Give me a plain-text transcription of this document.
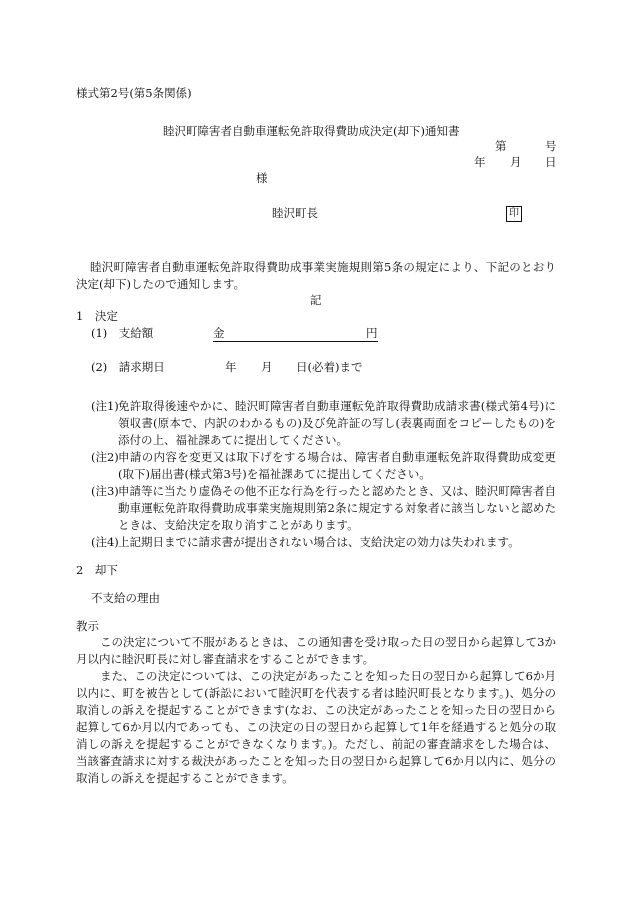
様式第2号(第5条関係)
睦沢町障害者自動車運転免許取得費助成決定(却下)通知書
第	号
年 月 日
様
睦沢町長	印
睦沢町障害者自動車運転免許取得費助成事業実施規則第5条の規定により、下記のとおり決定(却下)したので通知します。
記
1　決定
(1)　支給額	金	円
(2)　請求期日	年 月 日(必着)まで
(注1) 免許取得後速やかに、睦沢町障害者自動車運転免許取得費助成請求書(様式第4号)に領収書(原本で、内訳のわかるもの)及び免許証の写し(表裏両面をコピーしたもの)を添付の上、福祉課あてに提出してください。
(注2) 申請の内容を変更又は取下げをする場合は、障害者自動車運転免許取得費助成変更(取下)届出書(様式第3号)を福祉課あてに提出してください。
(注3) 申請等に当たり虚偽その他不正な行為を行ったと認めたとき、又は、睦沢町障害者自動車運転免許取得費助成事業実施規則第2条に規定する対象者に該当しないと認めたときは、支給決定を取り消すことがあります。
(注4) 上記期日までに請求書が提出されない場合は、支給決定の効力は失われます。
2　却下
不支給の理由
教示
この決定について不服があるときは、この通知書を受け取った日の翌日から起算して3か月以内に睦沢町長に対し審査請求をすることができます。
また、この決定については、この決定があったことを知った日の翌日から起算して6か月以内に、町を被告として(訴訟において睦沢町を代表する者は睦沢町長となります。)、処分の取消しの訴えを提起することができます(なお、この決定があったことを知った日の翌日から起算して6か月以内であっても、この決定の日の翌日から起算して1年を経過すると処分の取消しの訴えを提起することができなくなります。)。ただし、前記の審査請求をした場合は、当該審査請求に対する裁決があったことを知った日の翌日から起算して6か月以内に、処分の取消しの訴えを提起することができます。
